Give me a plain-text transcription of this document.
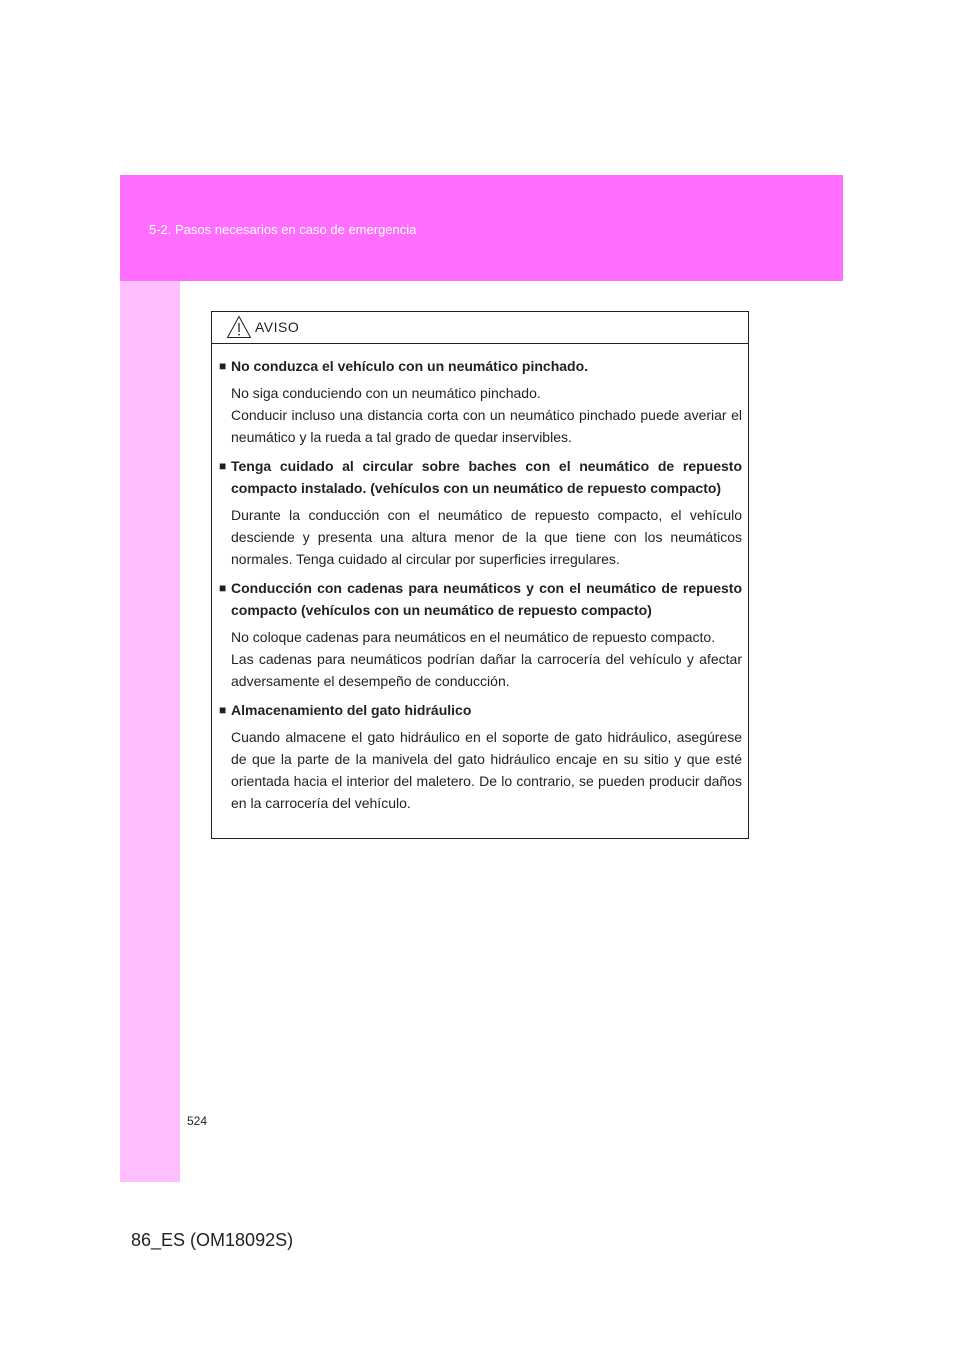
5-2. Pasos necesarios en caso de emergencia
AVISO
■ No conduzca el vehículo con un neumático pinchado.
No siga conduciendo con un neumático pinchado.
Conducir incluso una distancia corta con un neumático pinchado puede averiar el neumático y la rueda a tal grado de quedar inservibles.
■ Tenga cuidado al circular sobre baches con el neumático de repuesto compacto instalado. (vehículos con un neumático de repuesto compacto)
Durante la conducción con el neumático de repuesto compacto, el vehículo desciende y presenta una altura menor de la que tiene con los neumáticos normales. Tenga cuidado al circular por superficies irregulares.
■ Conducción con cadenas para neumáticos y con el neumático de repuesto compacto (vehículos con un neumático de repuesto compacto)
No coloque cadenas para neumáticos en el neumático de repuesto compacto.
Las cadenas para neumáticos podrían dañar la carrocería del vehículo y afectar adversamente el desempeño de conducción.
■ Almacenamiento del gato hidráulico
Cuando almacene el gato hidráulico en el soporte de gato hidráulico, asegúrese de que la parte de la manivela del gato hidráulico encaje en su sitio y que esté orientada hacia el interior del maletero. De lo contrario, se pueden producir daños en la carrocería del vehículo.
524
86_ES (OM18092S)
